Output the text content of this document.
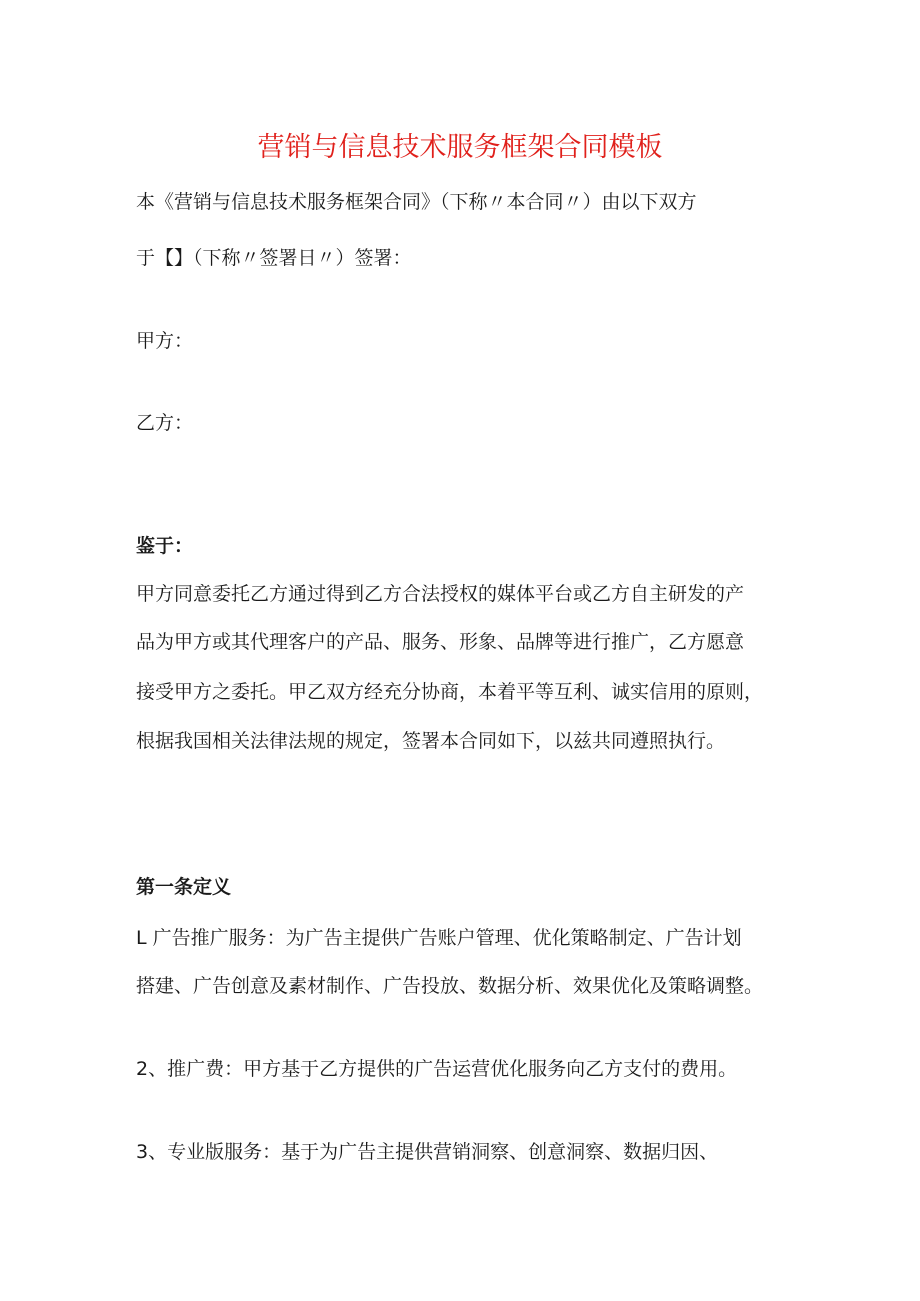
营销与信息技术服务框架合同模板
本《营销与信息技术服务框架合同》（下称〃本合同〃）由以下双方
于【】（下称〃签署日〃）签署：
甲方：
乙方：
鉴于：
甲方同意委托乙方通过得到乙方合法授权的媒体平台或乙方自主研发的产
品为甲方或其代理客户的产品、服务、形象、品牌等进行推广，乙方愿意
接受甲方之委托。甲乙双方经充分协商，本着平等互利、诚实信用的原则，
根据我国相关法律法规的规定，签署本合同如下，以兹共同遵照执行。
第一条定义
L 广告推广服务：为广告主提供广告账户管理、优化策略制定、广告计划
搭建、广告创意及素材制作、广告投放、数据分析、效果优化及策略调整。
2、推广费：甲方基于乙方提供的广告运营优化服务向乙方支付的费用。
3、专业版服务：基于为广告主提供营销洞察、创意洞察、数据归因、
